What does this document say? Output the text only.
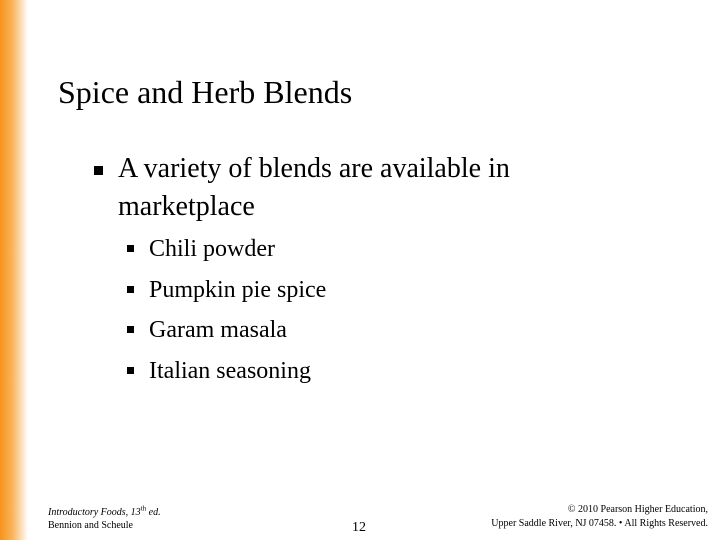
Spice and Herb Blends
A variety of blends are available in marketplace
Chili powder
Pumpkin pie spice
Garam masala
Italian seasoning
Introductory Foods, 13th ed.
Bennion and Scheule	12
© 2010 Pearson Higher Education,
Upper Saddle River, NJ 07458. • All Rights Reserved.
